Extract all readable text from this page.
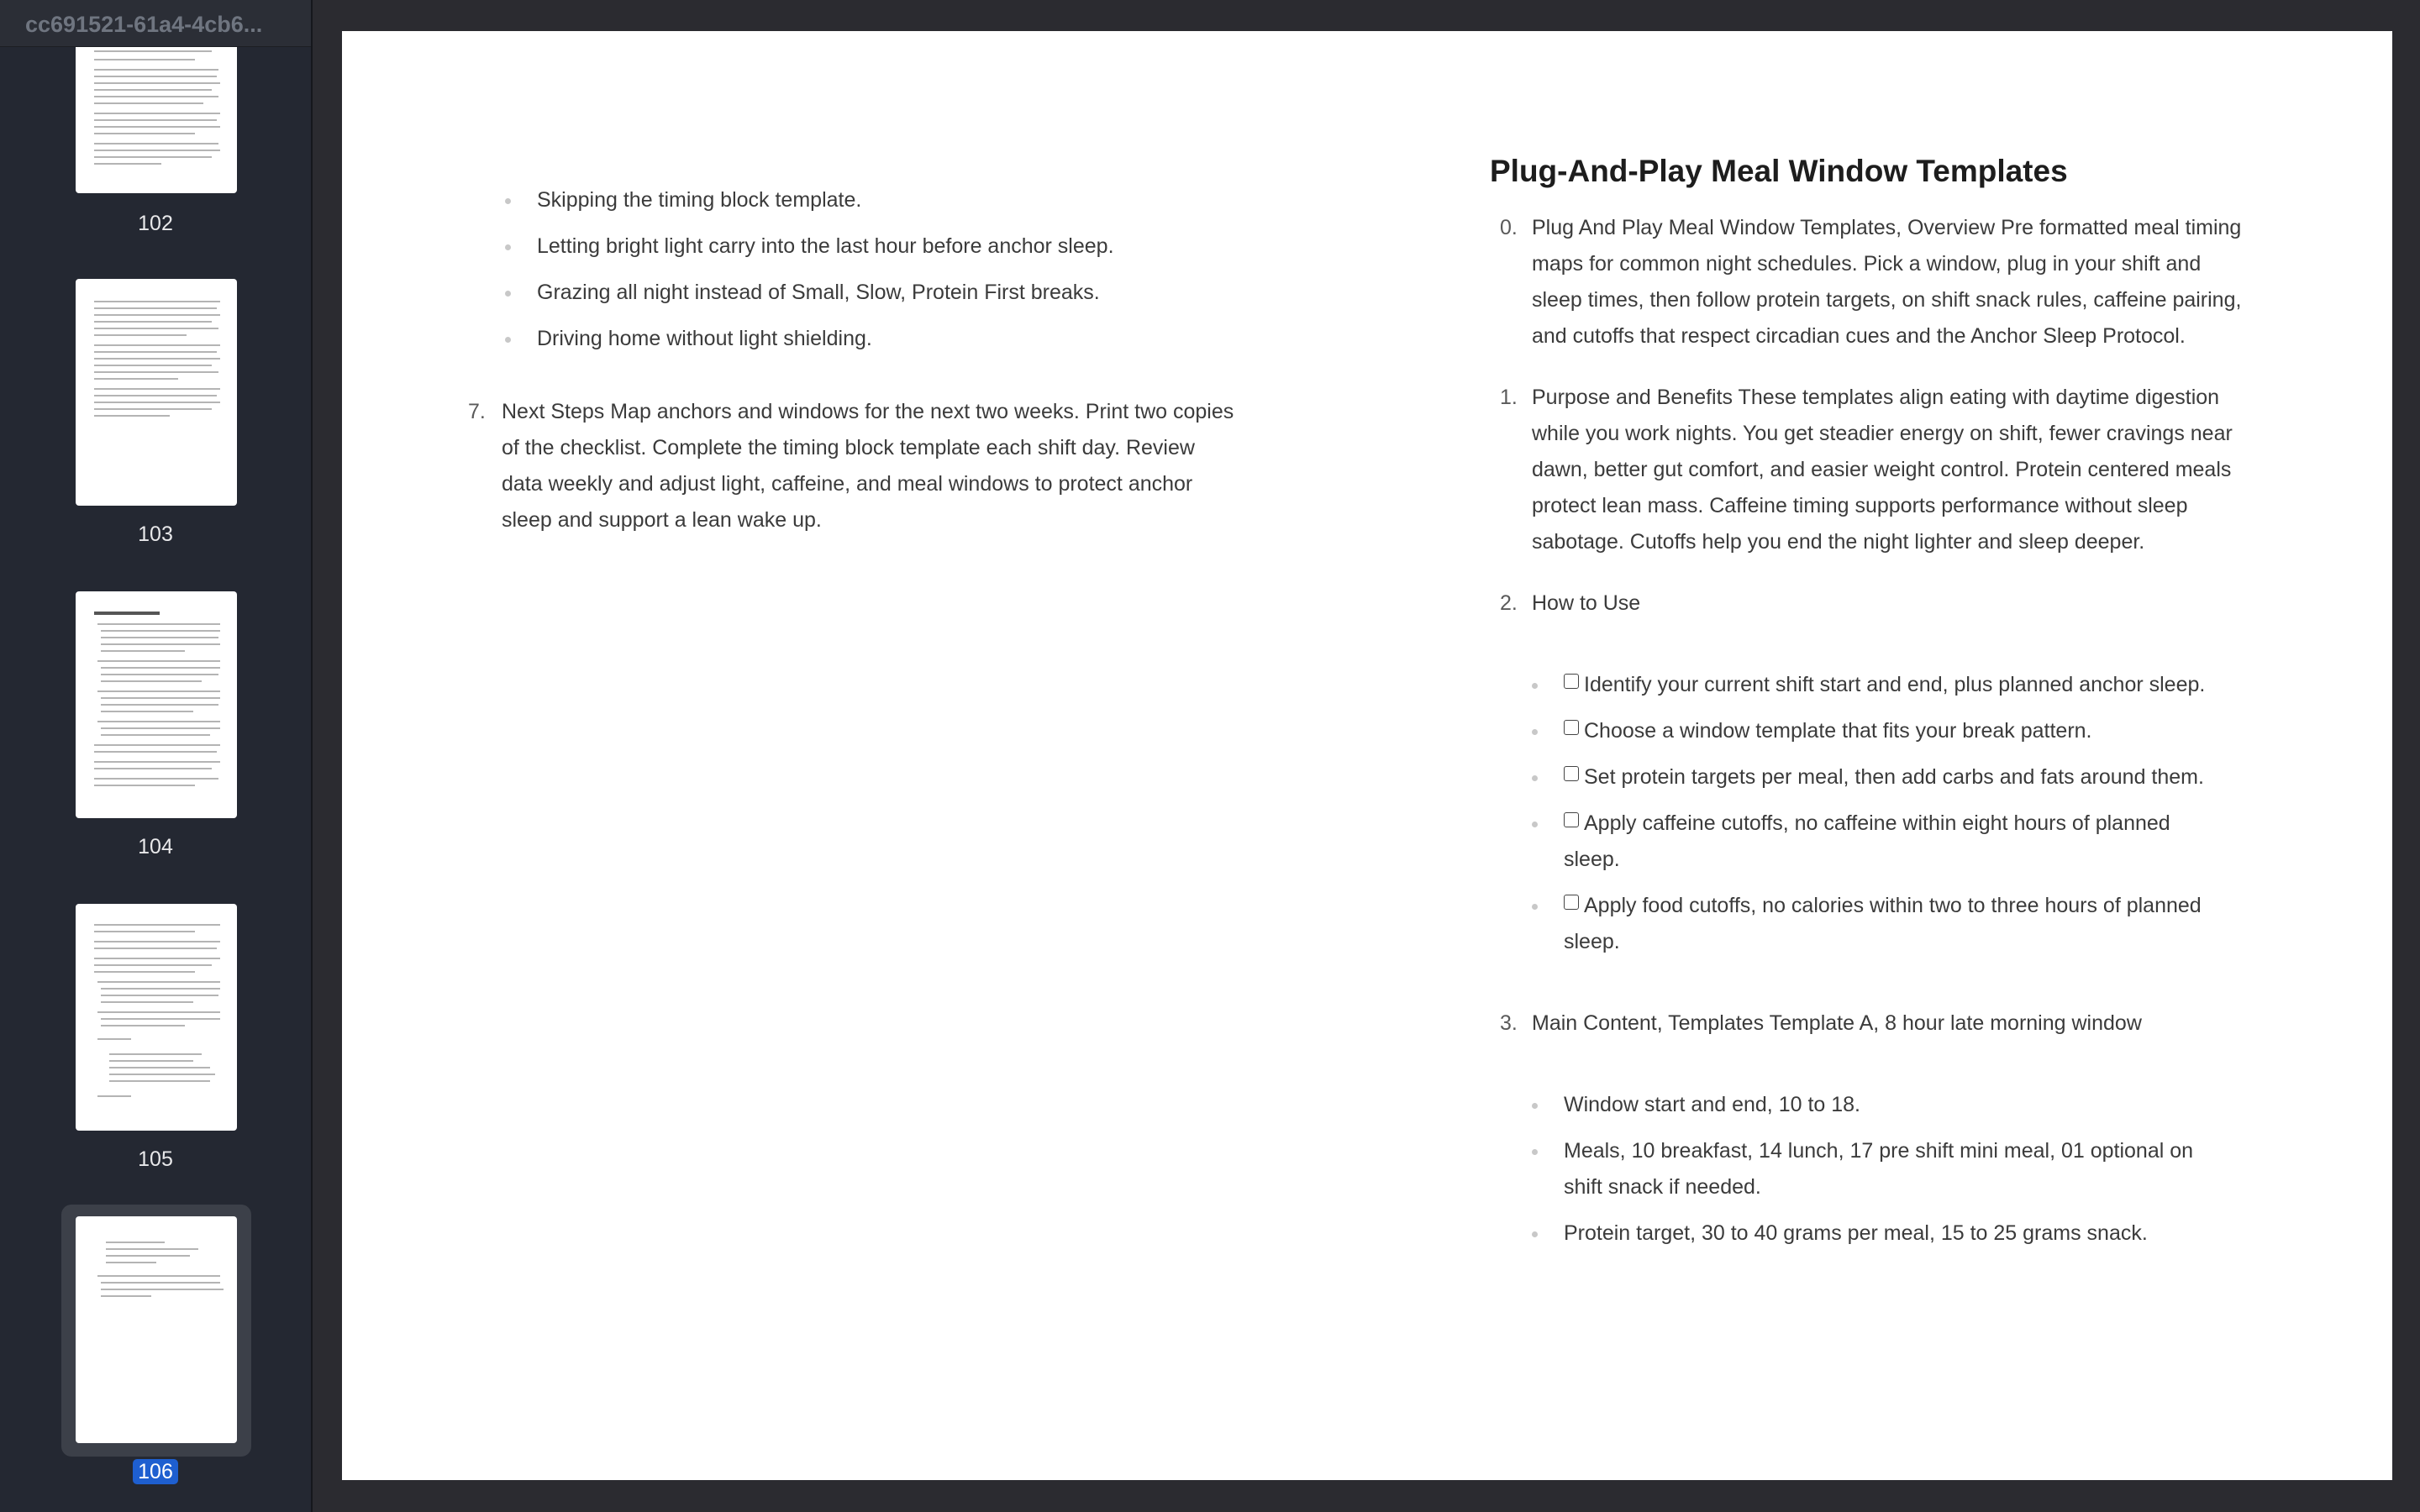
cc691521-61a4-4cb6...
102
103
104
105
106
Skipping the timing block template.
Letting bright light carry into the last hour before anchor sleep.
Grazing all night instead of Small, Slow, Protein First breaks.
Driving home without light shielding.
7. Next Steps Map anchors and windows for the next two weeks. Print two copies of the checklist. Complete the timing block template each shift day. Review data weekly and adjust light, caffeine, and meal windows to protect anchor sleep and support a lean wake up.
Plug-And-Play Meal Window Templates
0. Plug And Play Meal Window Templates, Overview Pre formatted meal timing maps for common night schedules. Pick a window, plug in your shift and sleep times, then follow protein targets, on shift snack rules, caffeine pairing, and cutoffs that respect circadian cues and the Anchor Sleep Protocol.
1. Purpose and Benefits These templates align eating with daytime digestion while you work nights. You get steadier energy on shift, fewer cravings near dawn, better gut comfort, and easier weight control. Protein centered meals protect lean mass. Caffeine timing supports performance without sleep sabotage. Cutoffs help you end the night lighter and sleep deeper.
2. How to Use
Identify your current shift start and end, plus planned anchor sleep.
Choose a window template that fits your break pattern.
Set protein targets per meal, then add carbs and fats around them.
Apply caffeine cutoffs, no caffeine within eight hours of planned sleep.
Apply food cutoffs, no calories within two to three hours of planned sleep.
3. Main Content, Templates Template A, 8 hour late morning window
Window start and end, 10 to 18.
Meals, 10 breakfast, 14 lunch, 17 pre shift mini meal, 01 optional on shift snack if needed.
Protein target, 30 to 40 grams per meal, 15 to 25 grams snack.
